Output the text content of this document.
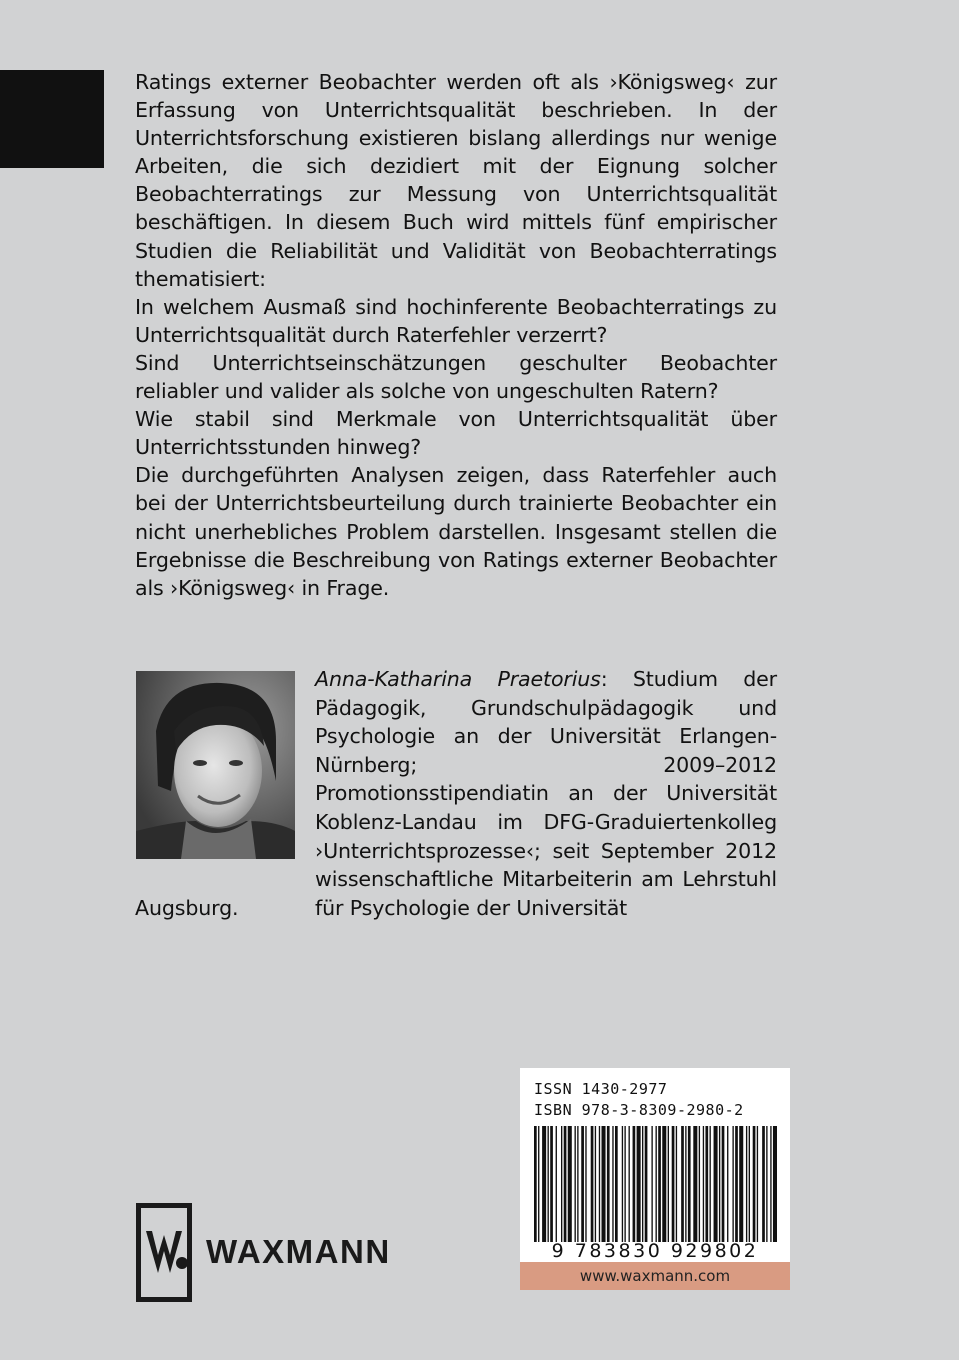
Ratings externer Beobachter werden oft als ›Königsweg‹ zur Erfassung von Unterrichtsqualität beschrieben. In der Unterrichtsforschung existieren bislang allerdings nur wenige Arbeiten, die sich dezidiert mit der Eignung solcher Beobachterratings zur Messung von Unterrichtsqualität beschäftigen. In diesem Buch wird mittels fünf empirischer Studien die Reliabilität und Validität von Beobachterratings thematisiert:

In welchem Ausmaß sind hochinferente Beobachterratings zu Unterrichtsqualität durch Raterfehler verzerrt?

Sind Unterrichtseinschätzungen geschulter Beobachter reliabler und valider als solche von ungeschulten Ratern?

Wie stabil sind Merkmale von Unterrichtsqualität über Unterrichtsstunden hinweg?

Die durchgeführten Analysen zeigen, dass Raterfehler auch bei der Unterrichtsbeurteilung durch trainierte Beobachter ein nicht unerhebliches Problem darstellen. Insgesamt stellen die Ergebnisse die Beschreibung von Ratings externer Beobachter als ›Königsweg‹ in Frage.

Anna-Katharina Praetorius: Studium der Pädagogik, Grundschulpädagogik und Psychologie an der Universität Erlangen-Nürnberg; 2009–2012 Promotionsstipendiatin an der Universität Koblenz-Landau im DFG-Graduiertenkolleg ›Unterrichtsprozesse‹; seit September 2012 wissenschaftliche Mitarbeiterin am Lehrstuhl für Psychologie der Universität
Augsburg.
ISSN 1430-2977
ISBN 978-3-8309-2980-2
9 783830 929802
www.waxmann.com
WAXMANN
